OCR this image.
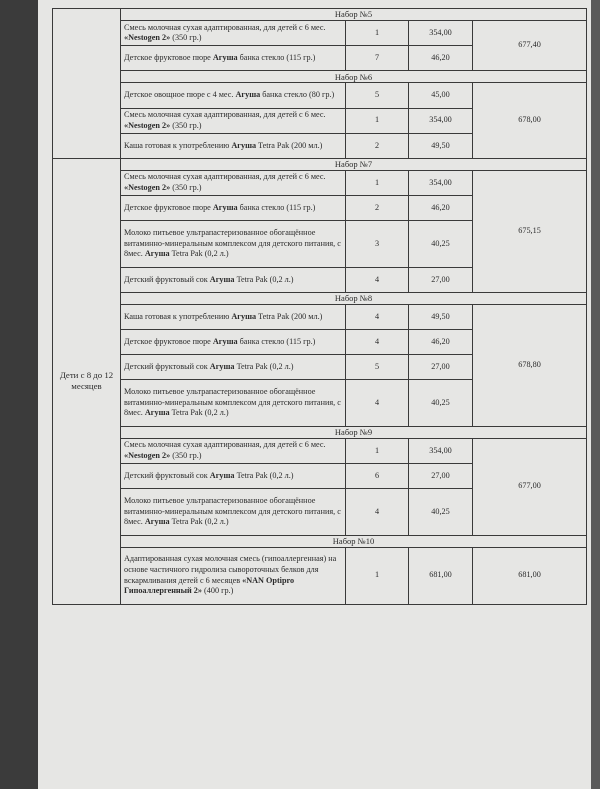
	Набор №5			
	Смесь молочная сухая адаптированная, для детей с 6 мес. «Nestogen 2» (350 гр.)	1	354,00	677,40
	Детское фруктовое пюре Агуша банка стекло (115 гр.)	7	46,20	
	Набор №6			
	Детское овощное пюре с 4 мес. Агуша банка стекло (80 гр.)	5	45,00	678,00
	Смесь молочная сухая адаптированная, для детей с 6 мес. «Nestogen 2» (350 гр.)	1	354,00	
	Каша готовая к употреблению Агуша Tetra Pak (200 мл.)	2	49,50	
Дети с 8 до 12 месяцев	Набор №7			
	Смесь молочная сухая адаптированная, для детей с 6 мес. «Nestogen 2» (350 гр.)	1	354,00	675,15
	Детское фруктовое пюре Агуша банка стекло (115 гр.)	2	46,20	
	Молоко питьевое ультрапастеризованное обогащённое витаминно-минеральным комплексом для детского питания, с 8мес. Агуша Tetra Pak (0,2 л.)	3	40,25	
	Детский фруктовый сок Агуша Tetra Pak (0,2 л.)	4	27,00	
	Набор №8			
	Каша готовая к употреблению Агуша Tetra Pak (200 мл.)	4	49,50	678,80
	Детское фруктовое пюре Агуша банка стекло (115 гр.)	4	46,20	
	Детский фруктовый сок Агуша Tetra Pak (0,2 л.)	5	27,00	
	Молоко питьевое ультрапастеризованное обогащённое витаминно-минеральным комплексом для детского питания, с 8мес. Агуша Tetra Pak (0,2 л.)	4	40,25	
	Набор №9			
	Смесь молочная сухая адаптированная, для детей с 6 мес. «Nestogen 2» (350 гр.)	1	354,00	677,00
	Детский фруктовый сок Агуша Tetra Pak (0,2 л.)	6	27,00	
	Молоко питьевое ультрапастеризованное обогащённое витаминно-минеральным комплексом для детского питания, с 8мес. Агуша Tetra Pak (0,2 л.)	4	40,25	
	Набор №10			
	Адаптированная сухая молочная смесь (гипоаллергенная) на основе частичного гидролиза сывороточных белков для вскармливания детей с 6 месяцев «NAN Optipro Гипоаллергенный 2» (400 гр.)	1	681,00	681,00
